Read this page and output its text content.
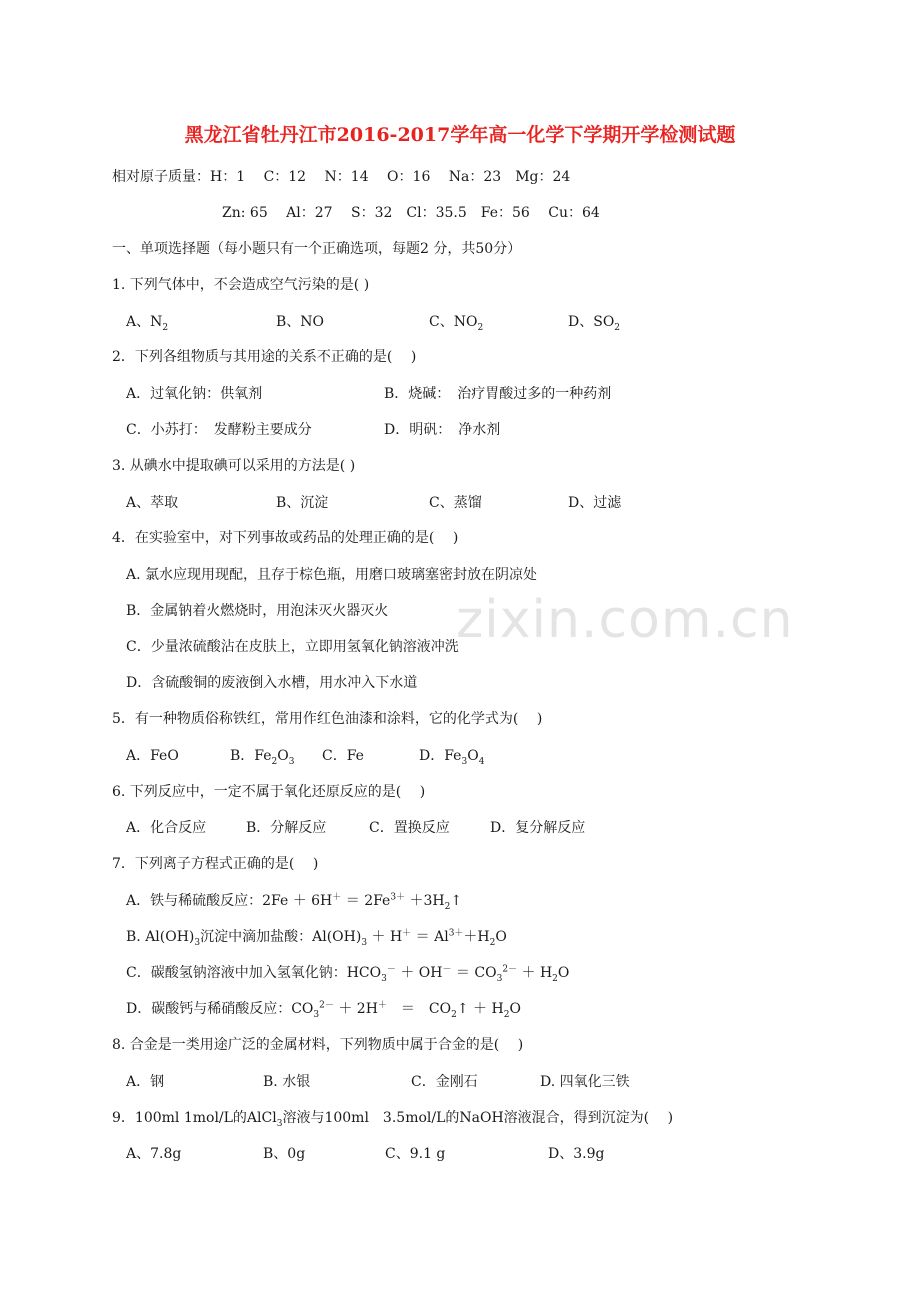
zixin.com.cn
黑龙江省牡丹江市2016-2017学年高一化学下学期开学检测试题
相对原子质量：H：1　 C：12　 N：14　 O：16　 Na：23　Mg：24
Zn: 65　 Al：27　 S：32　Cl：35.5　Fe：56　 Cu：64
一、单项选择题（每小题只有一个正确选项，每题2 分，共50分）
1. 下列气体中，不会造成空气污染的是( )
A、$N_2$	B、NO	C、$NO_2$	D、$SO_2$
2．下列各组物质与其用途的关系不正确的是(　 )
A．过氧化钠：供氧剂	B．烧碱：　治疗胃酸过多的一种药剂
C．小苏打：　发酵粉主要成分	D．明矾：　净水剂
3. 从碘水中提取碘可以采用的方法是( )
A、萃取	B、沉淀	C、蒸馏	D、过滤
4．在实验室中，对下列事故或药品的处理正确的是(　 )
A. 氯水应现用现配，且存于棕色瓶，用磨口玻璃塞密封放在阴凉处
B．金属钠着火燃烧时，用泡沫灭火器灭火
C．少量浓硫酸沾在皮肤上，立即用氢氧化钠溶液冲洗
D．含硫酸铜的废液倒入水槽，用水冲入下水道
5．有一种物质俗称铁红，常用作红色油漆和涂料，它的化学式为(　 )
A．FeO	B．$Fe_2O_3$ C．Fe	D．$Fe_3O_4$
6. 下列反应中，一定不属于氧化还原反应的是(　 )
A．化合反应	B．分解反应	C．置换反应	D．复分解反应
7．下列离子方程式正确的是(　 )
A．铁与稀硫酸反应：$2Fe + 6H^+ = 2Fe^{3+}$ $+3H_2↑$
B. $Al(OH)_3$沉淀中滴加盐酸：$Al(OH)_3 + H^+ = Al^{3+}+H_2O$
C．碳酸氢钠溶液中加入氢氧化钠：$HCO_3^- + OH^- = CO_3^{2-} + H_2O$
D．碳酸钙与稀硝酸反应：$CO_3^{2-} + 2H^+$　＝　$CO_2↑ + H_2O$
8. 合金是一类用途广泛的金属材料，下列物质中属于合金的是(　 )
A．钢	B. 水银	C．金刚石	D. 四氧化三铁
9．100ml 1mol/L的AlCl$_3$溶液与100ml　3.5mol/L的NaOH溶液混合，得到沉淀为(　 )
A、7.8g	B、0g	C、9.1 g	D、3.9g
